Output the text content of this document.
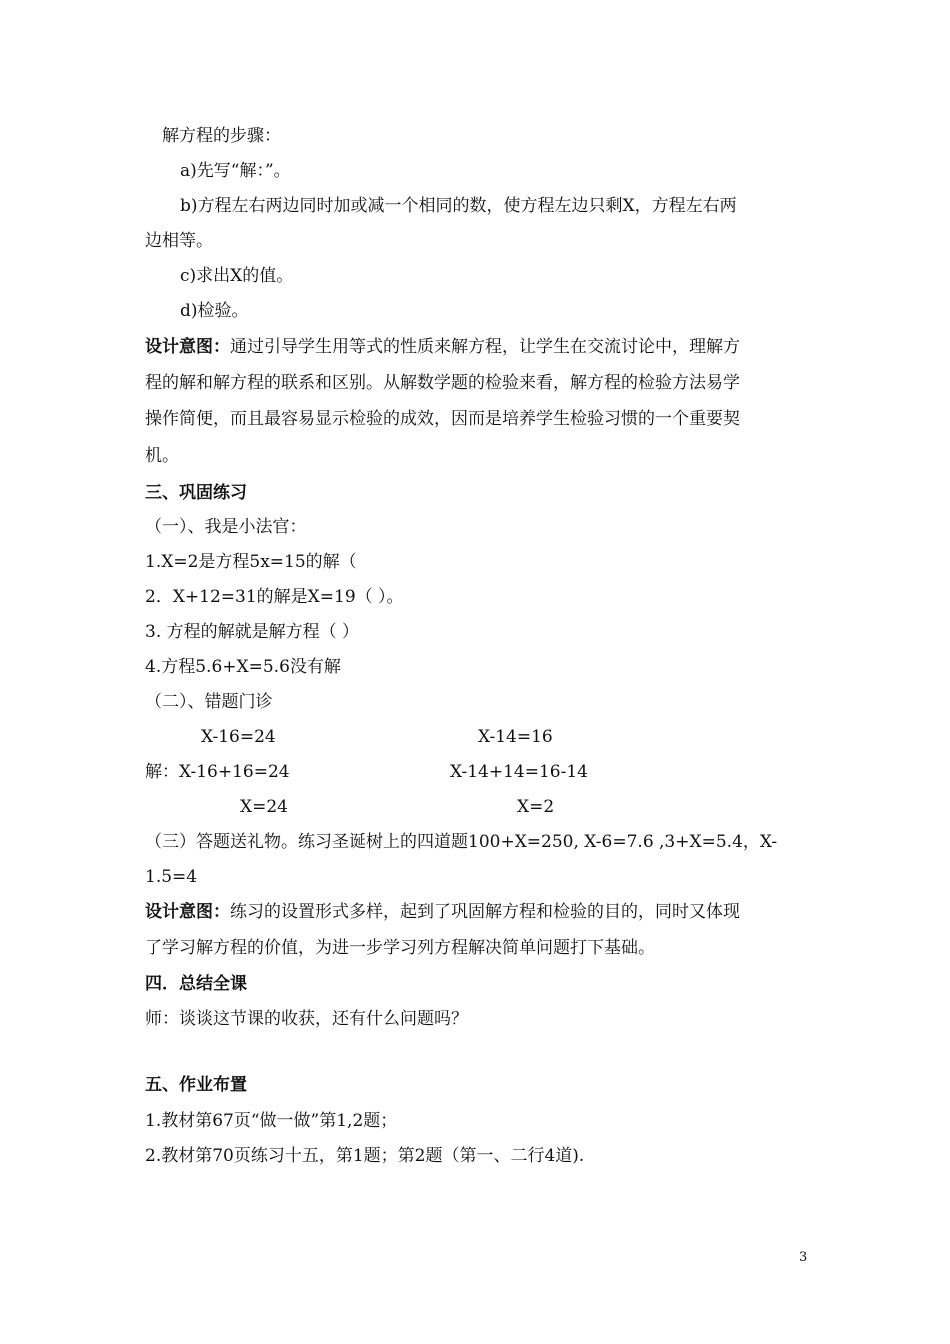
解方程的步骤：
a)先写“解：”。
b)方程左右两边同时加或减一个相同的数，使方程左边只剩X，方程左右两
边相等。
c)求出X的值。
d)检验。
设计意图：通过引导学生用等式的性质来解方程，让学生在交流讨论中，理解方
程的解和解方程的联系和区别。从解数学题的检验来看，解方程的检验方法易学
操作简便，而且最容易显示检验的成效，因而是培养学生检验习惯的一个重要契
机。
三、巩固练习
（一）、我是小法官：
1.X=2是方程5x=15的解（
2．X+12=31的解是X=19（ ）。
3. 方程的解就是解方程（ ）
4.方程5.6+X=5.6没有解
（二）、错题门诊
X-16=24	X-14=16
解：X-16+16=24	X-14+14=16-14
X=24	X=2
（三）答题送礼物。练习圣诞树上的四道题100+X=250, X-6=7.6 ,3+X=5.4，X-
1.5=4
设计意图：练习的设置形式多样，起到了巩固解方程和检验的目的，同时又体现
了学习解方程的价值，为进一步学习列方程解决简单问题打下基础。
四．总结全课
师：谈谈这节课的收获，还有什么问题吗？
五、作业布置
1.教材第67页“做一做”第1,2题；
2.教材第70页练习十五，第1题；第2题（第一、二行4道).
3
